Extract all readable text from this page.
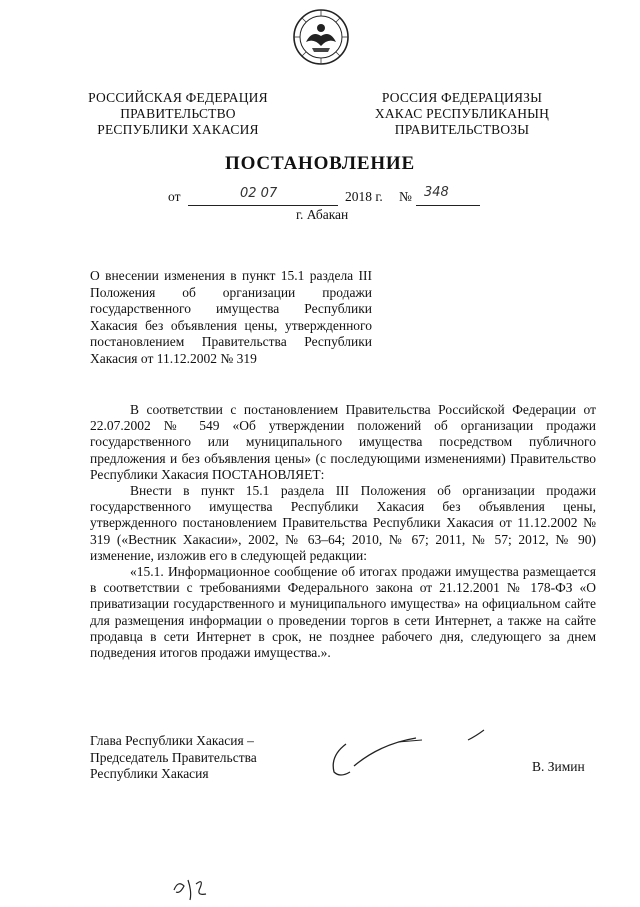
РОССИЙСКАЯ ФЕДЕРАЦИЯ
ПРАВИТЕЛЬСТВО
РЕСПУБЛИКИ ХАКАСИЯ
РОССИЯ ФЕДЕРАЦИЯЗЫ
ХАКАС РЕСПУБЛИКАНЫҢ
ПРАВИТЕЛЬСТВОЗЫ
ПОСТАНОВЛЕНИЕ
от	02 07	2018 г. № 348
г. Абакан
О внесении изменения в пункт 15.1 раздела III
Положения об организации продажи
государственного имущества Республики
Хакасия без объявления цены, утвержденного
постановлением Правительства Республики
Хакасия от 11.12.2002 № 319

В соответствии с постановлением Правительства Российской Федерации от 22.07.2002 № 549 «Об утверждении положений об организации продажи государственного или муниципального имущества посредством публичного предложения и без объявления цены» (с последующими изменениями) Правительство Республики Хакасия ПОСТАНОВЛЯЕТ:

Внести в пункт 15.1 раздела III Положения об организации продажи государственного имущества Республики Хакасия без объявления цены, утвержденного постановлением Правительства Республики Хакасия от 11.12.2002 № 319 («Вестник Хакасии», 2002, № 63–64; 2010, № 67; 2011, № 57; 2012, № 90) изменение, изложив его в следующей редакции:

«15.1. Информационное сообщение об итогах продажи имущества размещается в соответствии с требованиями Федерального закона от 21.12.2001 № 178-ФЗ «О приватизации государственного и муниципального имущества» на официальном сайте для размещения информации о проведении торгов в сети Интернет, а также на сайте продавца в сети Интернет в срок, не позднее рабочего дня, следующего за днем подведения итогов продажи имущества.».

Глава Республики Хакасия –
Председатель Правительства
Республики Хакасия	В. Зимин
